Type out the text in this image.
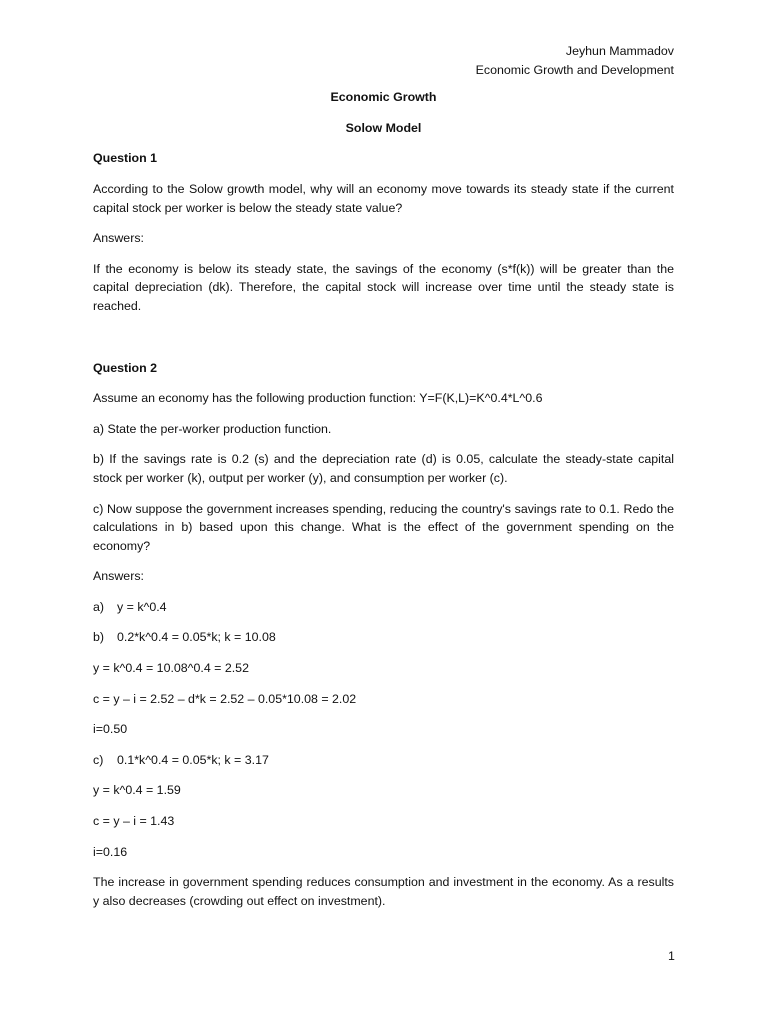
Jeyhun Mammadov
Economic Growth and Development
Economic Growth
Solow Model
Question 1

According to the Solow growth model, why will an economy move towards its steady state if the current capital stock per worker is below the steady state value?

Answers:

If the economy is below its steady state, the savings of the economy (s*f(k)) will be greater than the capital depreciation (dk). Therefore, the capital stock will increase over time until the steady state is reached.

Question 2

Assume an economy has the following production function: Y=F(K,L)=K^0.4*L^0.6

a) State the per-worker production function.

b) If the savings rate is 0.2 (s) and the depreciation rate (d) is 0.05, calculate the steady-state capital stock per worker (k), output per worker (y), and consumption per worker (c).

c) Now suppose the government increases spending, reducing the country's savings rate to 0.1. Redo the calculations in b) based upon this change. What is the effect of the government spending on the economy?

Answers:

a)	y = k^0.4

b)	0.2*k^0.4 = 0.05*k; k = 10.08

y = k^0.4 = 10.08^0.4 = 2.52

c = y – i = 2.52 – d*k = 2.52 – 0.05*10.08 = 2.02

i=0.50

c)	0.1*k^0.4 = 0.05*k; k = 3.17

y = k^0.4 = 1.59

c = y – i = 1.43

i=0.16

The increase in government spending reduces consumption and investment in the economy. As a results y also decreases (crowding out effect on investment).

1
